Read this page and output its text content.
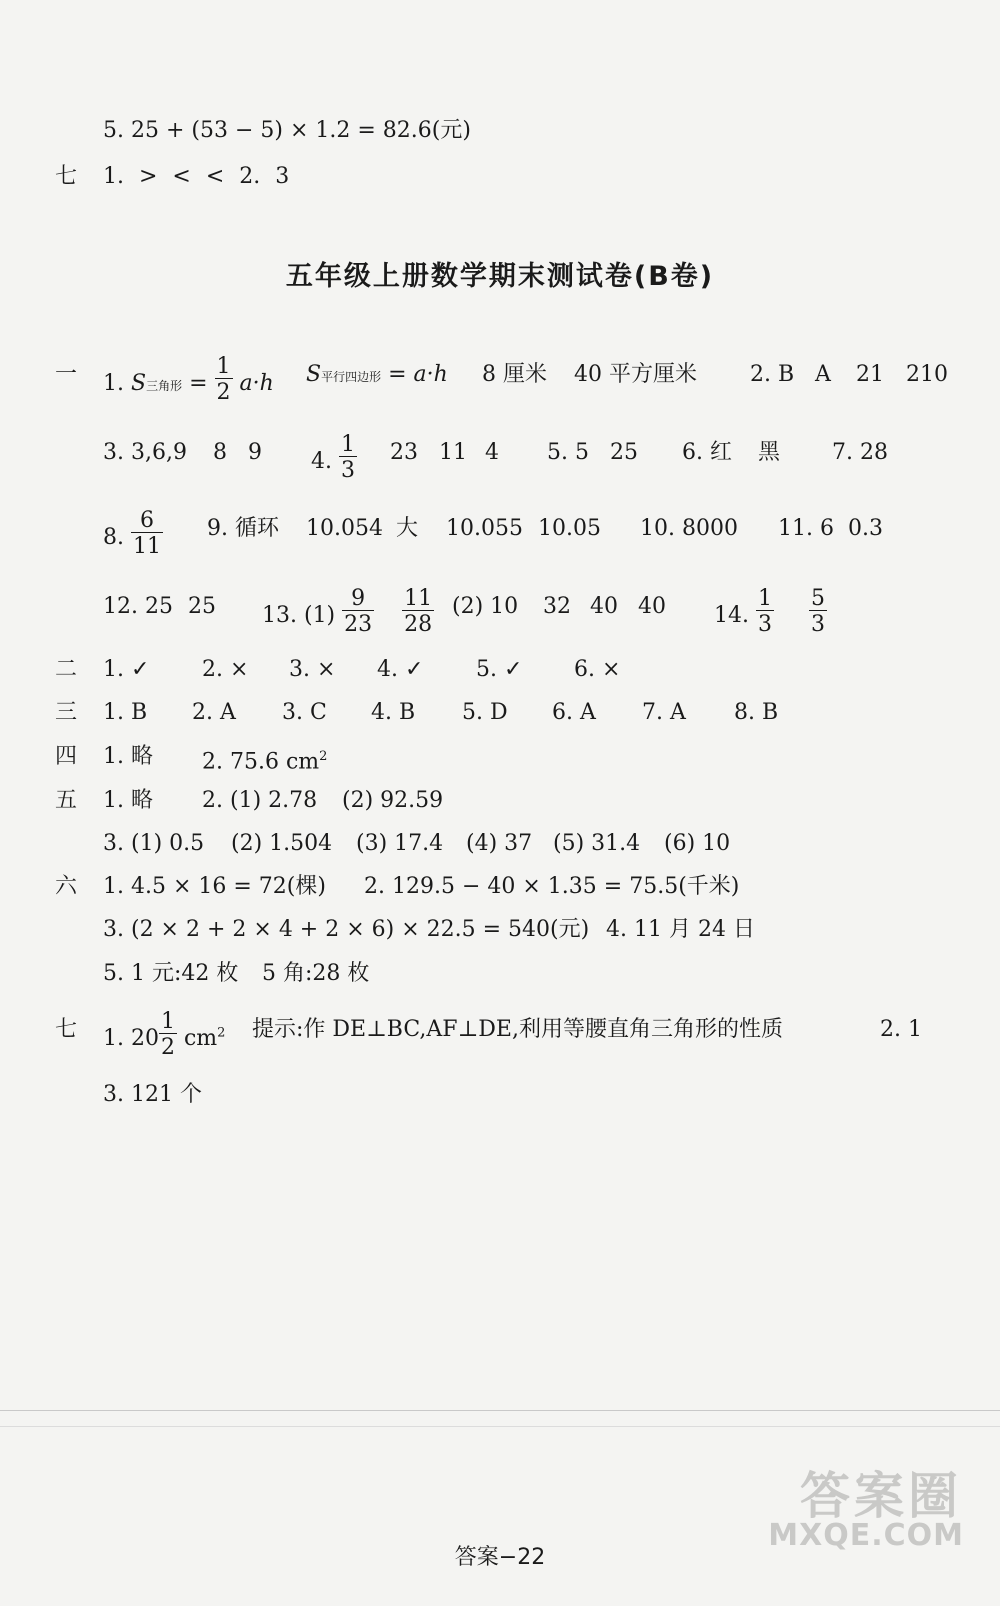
5. 25 + (53 − 5) × 1.2 = 82.6(元)
七 1. > < < 2. 3
五年级上册数学期末测试卷(B卷)
一 1. S三角形 = $\frac{1}{2} a\cdot h$ S平行四边形 = a·h 8 厘米 40 平方厘米 2. B A 21 210
3. 3,6,9 8 9 4. $\frac{1}{3} 23$ 11 4 5. 5 25 6. 红 黑 7. 28
8. $\frac{6}{11} 9$. 循环 10.054 大 10.055 10.05 10. 8000 11. 6 0.3
12. 25 25 13. $(1) \frac{9}{23}$
$\frac{11}{28} (2)$ 10 32 40 40 14. $\frac{1}{3}$
$\frac{5}{3}$
二 1. ✓ 2. × 3. × 4. ✓ 5. ✓ 6. ×
三 1. B 2. A 3. C 4. B 5. D 6. A 7. A 8. B
四 1. 略 2. 75.6 $cm^2$
五 1. 略 2. (1) 2.78 (2) 92.59
3. (1) 0.5 (2) 1.504 (3) 17.4 (4) 37 (5) 31.4 (6) 10
六 1. 4.5 × 16 = 72(棵) 2. 129.5 − 40 × 1.35 = 75.5(千米)
3. (2 × 2 + 2 × 4 + 2 × 6) × 22.5 = 540(元) 4. 11 月 24 日
5. 1 元:42 枚 5 角:28 枚
七 1. $20 \frac{1}{2} cm^2$ 提示:作 DE⊥BC,AF⊥DE,利用等腰直角三角形的性质	2. 1
3. 121 个
答案−22
答案圈
MXQE.COM
